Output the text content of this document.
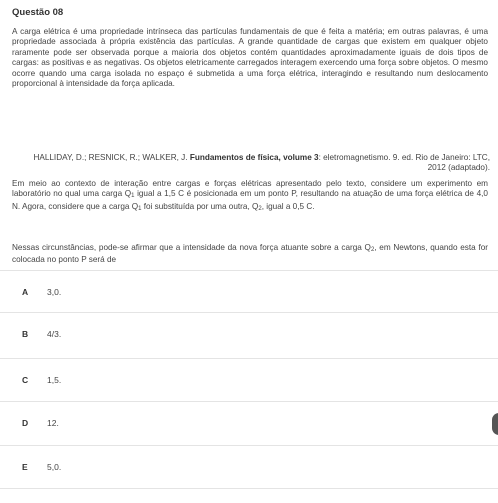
Questão 08

A carga elétrica é uma propriedade intrínseca das partículas fundamentais de que é feita a matéria; em outras palavras, é uma propriedade associada à própria existência das partículas. A grande quantidade de cargas que existem em qualquer objeto raramente pode ser observada porque a maioria dos objetos contém quantidades aproximadamente iguais de dois tipos de cargas: as positivas e as negativas. Os objetos eletricamente carregados interagem exercendo uma força sobre objetos. O mesmo ocorre quando uma carga isolada no espaço é submetida a uma força elétrica, interagindo e resultando num deslocamento proporcional à intensidade da força aplicada.

HALLIDAY, D.; RESNICK, R.; WALKER, J. Fundamentos de física, volume 3: eletromagnetismo. 9. ed. Rio de Janeiro: LTC,
2012 (adaptado).

Em meio ao contexto de interação entre cargas e forças elétricas apresentado pelo texto, considere um experimento em laboratório no qual uma carga $Q_1$ igual a 1,5 C é posicionada em um ponto P, resultando na atuação de uma força elétrica de 4,0 N. Agora, considere que a carga $Q_1$ foi substituída por uma outra, $Q_2$, igual a 0,5 C.

Nessas circunstâncias, pode-se afirmar que a intensidade da nova força atuante sobre a carga $Q_2$, em Newtons, quando esta for colocada no ponto P será de

A	3,0.
B	4/3.
C	1,5.
D	12.
E	5,0.
